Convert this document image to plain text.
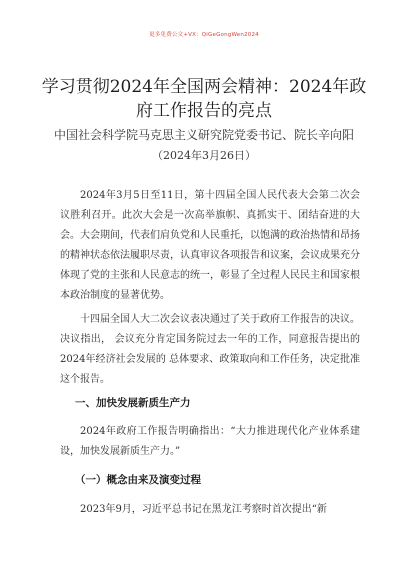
更多免费公文+VX：QiGeGongWen2024
学习贯彻2024年全国两会精神：2024年政府工作报告的亮点
中国社会科学院马克思主义研究院党委书记、院长辛向阳
（2024年3月26日）
2024年3月5日至11日，第十四届全国人民代表大会第二次会议胜利召开。此次大会是一次高举旗帜、真抓实干、团结奋进的大会。大会期间，代表们肩负党和人民重托，以饱满的政治热情和昂扬的精神状态依法履职尽责，认真审议各项报告和议案，会议成果充分体现了党的主张和人民意志的统一，彰显了全过程人民民主和国家根本政治制度的显著优势。
十四届全国人大二次会议表决通过了关于政府工作报告的决议。决议指出， 会议充分肯定国务院过去一年的工作，同意报告提出的2024年经济社会发展的 总体要求、政策取向和工作任务，决定批准这个报告。
一、加快发展新质生产力
2024年政府工作报告明确指出：“大力推进现代化产业体系建设，加快发展新质生产力。”
（一）概念由来及演变过程
2023年9月，习近平总书记在黑龙江考察时首次提出“新
